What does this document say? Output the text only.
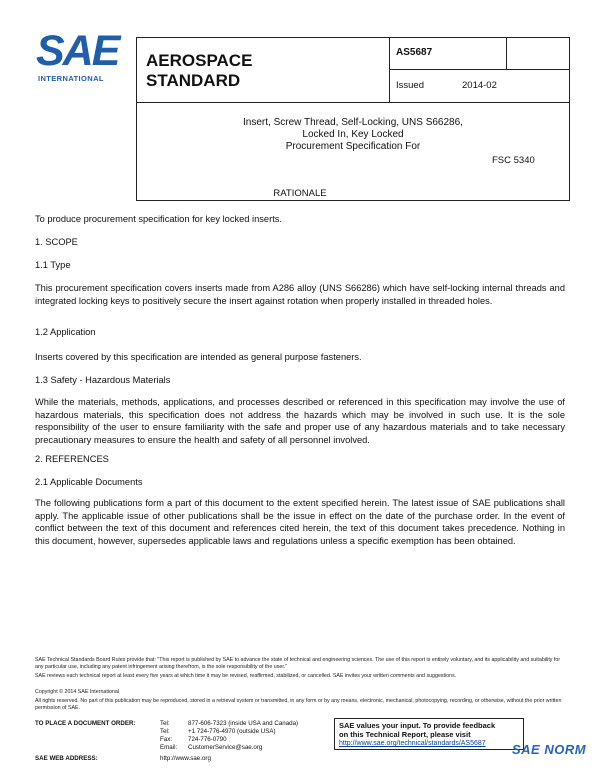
SAE
INTERNATIONAL
AEROSPACE
STANDARD
AS5687
Issued	2014-02
Insert, Screw Thread, Self-Locking, UNS S66286,
Locked In, Key Locked
Procurement Specification For
FSC 5340
RATIONALE
To produce procurement specification for key locked inserts.
1. SCOPE
1.1 Type
This procurement specification covers inserts made from A286 alloy (UNS S66286) which have self-locking internal threads and integrated locking keys to positively secure the insert against rotation when properly installed in threaded holes.
1.2 Application
Inserts covered by this specification are intended as general purpose fasteners.
1.3 Safety - Hazardous Materials
While the materials, methods, applications, and processes described or referenced in this specification may involve the use of hazardous materials, this specification does not address the hazards which may be involved in such use. It is the sole responsibility of the user to ensure familiarity with the safe and proper use of any hazardous materials and to take necessary precautionary measures to ensure the health and safety of all personnel involved.
2. REFERENCES
2.1 Applicable Documents
The following publications form a part of this document to the extent specified herein. The latest issue of SAE publications shall apply. The applicable issue of other publications shall be the issue in effect on the date of the purchase order. In the event of conflict between the text of this document and references cited herein, the text of this document takes precedence. Nothing in this document, however, supersedes applicable laws and regulations unless a specific exemption has been obtained.
SAE Technical Standards Board Rules provide that: "This report is published by SAE to advance the state of technical and engineering sciences. The use of this report is entirely voluntary, and its applicability and suitability for any particular use, including any patent infringement arising therefrom, is the sole responsibility of the user."
SAE reviews each technical report at least every five years at which time it may be revised, reaffirmed, stabilized, or cancelled. SAE invites your written comments and suggestions.
Copyright © 2014 SAE International
All rights reserved. No part of this publication may be reproduced, stored in a retrieval system or transmitted, in any form or by any means, electronic, mechanical, photocopying, recording, or otherwise, without the prior written permission of SAE.
TO PLACE A DOCUMENT ORDER:	Tel:	877-606-7323 (inside USA and Canada)
Tel:	+1 724-776-4970 (outside USA)
Fax:	724-776-0790
Email: CustomerService@sae.org
SAE WEB ADDRESS:	http://www.sae.org
SAE values your input. To provide feedback
on this Technical Report, please visit
http://www.sae.org/technical/standards/AS5687	SAE NORM
